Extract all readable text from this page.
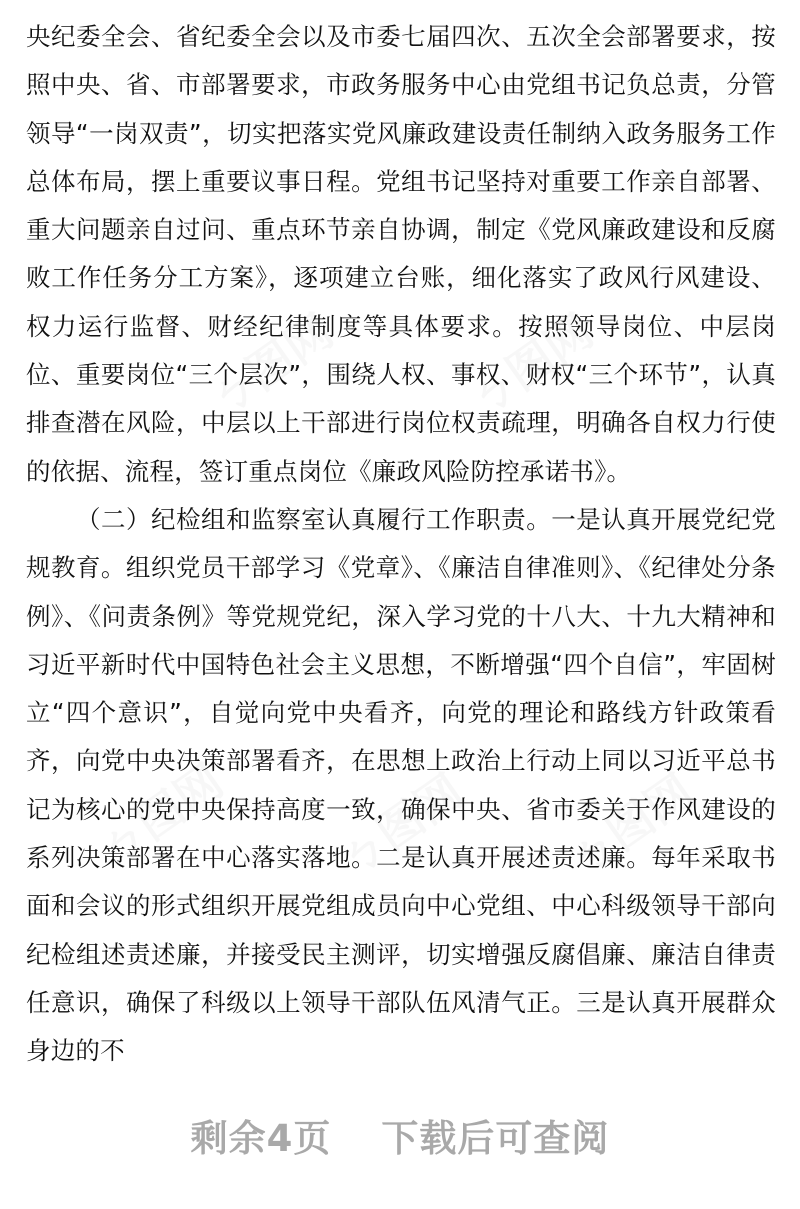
ㄅ图网	ㄅ图网
ㄅ图网 ㄅ图网 ㄅ图网

央纪委全会、省纪委全会以及市委七届四次、五次全会部署要求，按照中央、省、市部署要求，市政务服务中心由党组书记负总责，分管领导“一岗双责”，切实把落实党风廉政建设责任制纳入政务服务工作总体布局，摆上重要议事日程。党组书记坚持对重要工作亲自部署、重大问题亲自过问、重点环节亲自协调，制定《党风廉政建设和反腐败工作任务分工方案》，逐项建立台账，细化落实了政风行风建设、权力运行监督、财经纪律制度等具体要求。按照领导岗位、中层岗位、重要岗位“三个层次”，围绕人权、事权、财权“三个环节”，认真排查潜在风险，中层以上干部进行岗位权责疏理，明确各自权力行使的依据、流程，签订重点岗位《廉政风险防控承诺书》。

（二）纪检组和监察室认真履行工作职责。一是认真开展党纪党规教育。组织党员干部学习《党章》、《廉洁自律准则》、《纪律处分条例》、《问责条例》等党规党纪，深入学习党的十八大、十九大精神和习近平新时代中国特色社会主义思想，不断增强“四个自信”，牢固树立“四个意识”，自觉向党中央看齐，向党的理论和路线方针政策看齐，向党中央决策部署看齐，在思想上政治上行动上同以习近平总书记为核心的党中央保持高度一致，确保中央、省市委关于作风建设的系列决策部署在中心落实落地。二是认真开展述责述廉。每年采取书面和会议的形式组织开展党组成员向中心党组、中心科级领导干部向纪检组述责述廉，并接受民主测评，切实增强反腐倡廉、廉洁自律责任意识，确保了科级以上领导干部队伍风清气正。三是认真开展群众身边的不

剩余4页 下载后可查阅
